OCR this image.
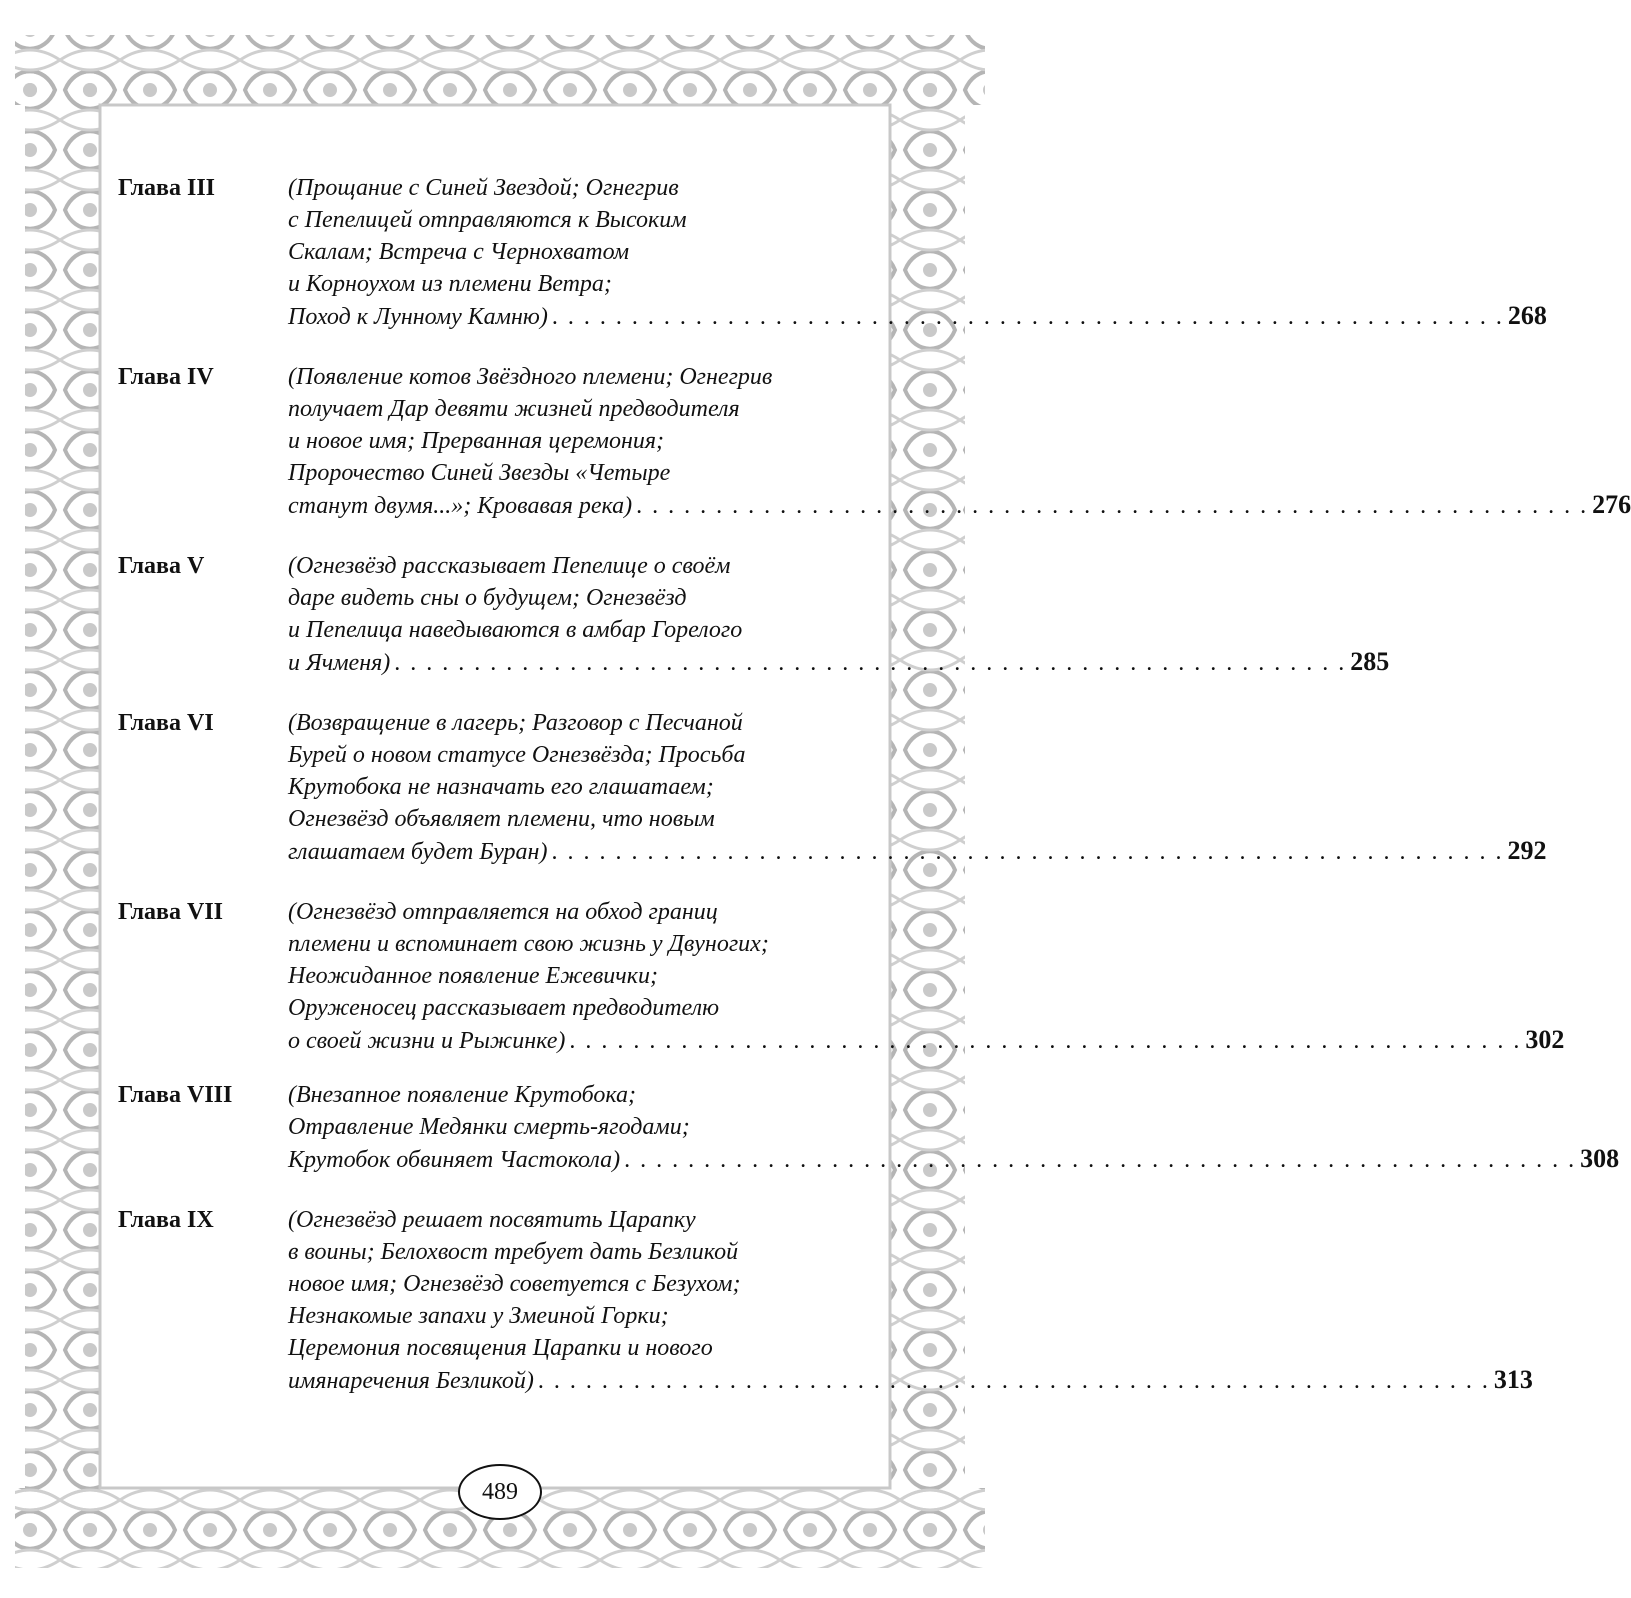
Глава III	(Прощание с Синей Звездой; Огнегрив
с Пепелицей отправляются к Высоким
Скалам; Встреча с Чернохватом
и Корноухом из племени Ветра;
Поход к Лунному Камню) . . .	268
Глава IV	(Появление котов Звёздного племени; Огнегрив
получает Дар девяти жизней предводителя
и новое имя; Прерванная церемония;
Пророчество Синей Звезды «Четыре
станут двумя...»; Кровавая река) . . .	276
Глава V	(Огнезвёзд рассказывает Пепелице о своём
даре видеть сны о будущем; Огнезвёзд
и Пепелица наведываются в амбар Горелого
и Ячменя) . . .	285
Глава VI	(Возвращение в лагерь; Разговор с Песчаной
Бурей о новом статусе Огнезвёзда; Просьба
Крутобока не назначать его глашатаем;
Огнезвёзд объявляет племени, что новым
глашатаем будет Буран) . . .	292
Глава VII	(Огнезвёзд отправляется на обход границ
племени и вспоминает свою жизнь у Двуногих;
Неожиданное появление Ежевички;
Оруженосец рассказывает предводителю
о своей жизни и Рыжинке) . . .	302
Глава VIII	(Внезапное появление Крутобока;
Отравление Медянки смерть-ягодами;
Крутобок обвиняет Частокола) . . .	308
Глава IX	(Огнезвёзд решает посвятить Царапку
в воины; Белохвост требует дать Безликой
новое имя; Огнезвёзд советуется с Безухом;
Незнакомые запахи у Змеиной Горки;
Церемония посвящения Царапки и нового
имянаречения Безликой) . . .	313
489
